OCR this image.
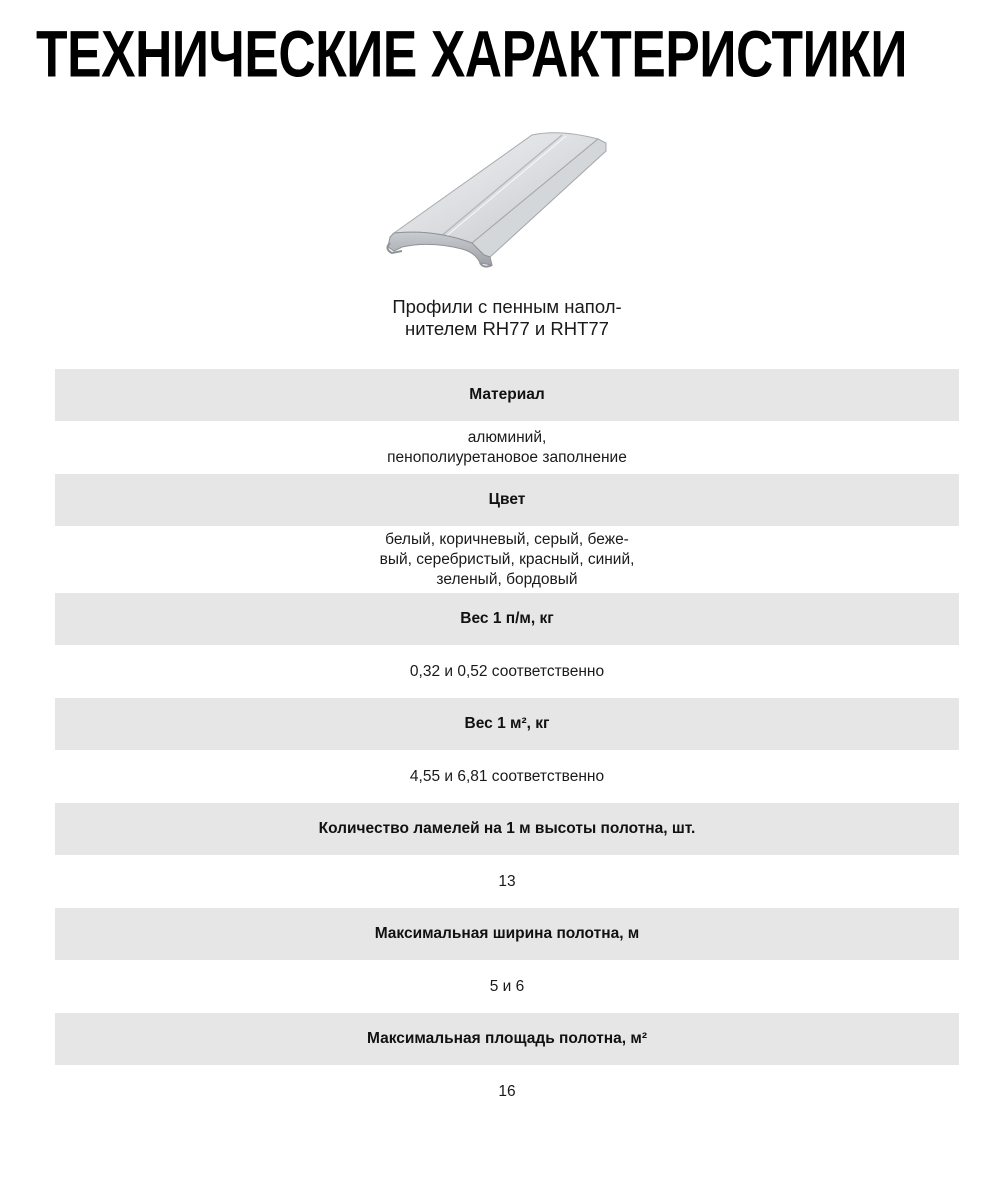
ТЕХНИЧЕСКИЕ ХАРАКТЕРИСТИКИ
Профили с пенным напол-
нителем RH77 и RHT77
Материал
алюминий,
пенополиуретановое заполнение
Цвет
белый, коричневый, серый, беже-
вый, серебристый, красный, синий,
зеленый, бордовый
Вес 1 п/м, кг
0,32 и 0,52 соответственно
Вес 1 м², кг
4,55 и 6,81 соответственно
Количество ламелей на 1 м высоты полотна, шт.
13
Максимальная ширина полотна, м
5 и 6
Максимальная площадь полотна, м²
16
